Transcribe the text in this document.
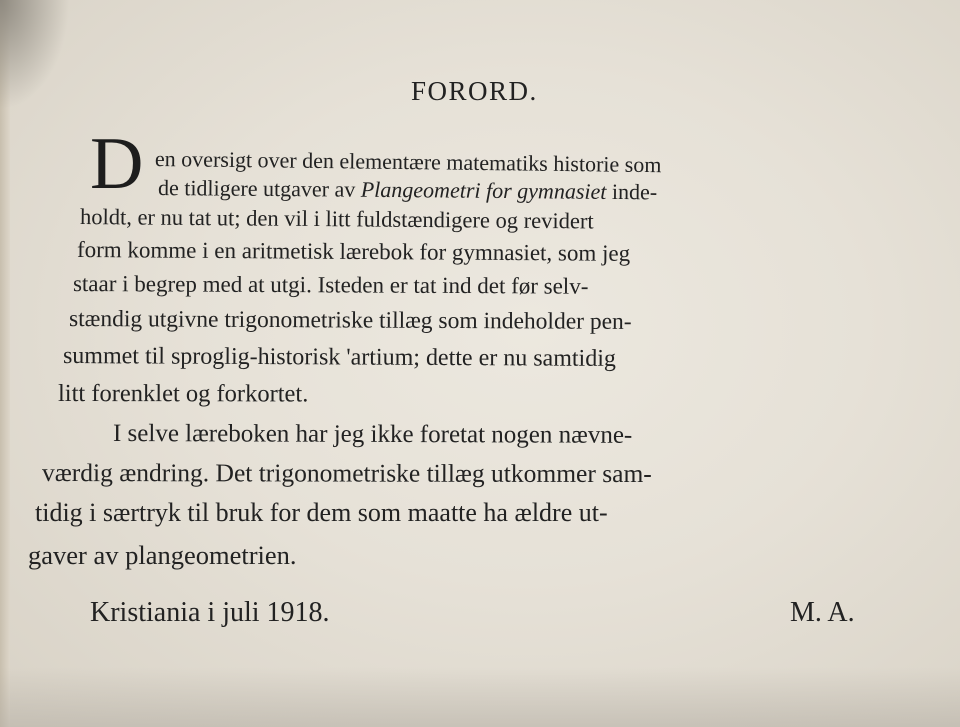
FORORD.
D en oversigt over den elementære matematiks historie som
de tidligere utgaver av Plangeometri for gymnasiet inde-
holdt, er nu tat ut; den vil i litt fuldstændigere og revidert
form komme i en aritmetisk lærebok for gymnasiet, som jeg
staar i begrep med at utgi. Isteden er tat ind det før selv-
stændig utgivne trigonometriske tillæg som indeholder pen-
summet til sproglig-historisk 'artium; dette er nu samtidig
litt forenklet og forkortet.
I selve læreboken har jeg ikke foretat nogen nævne-
værdig ændring. Det trigonometriske tillæg utkommer sam-
tidig i særtryk til bruk for dem som maatte ha ældre ut-
gaver av plangeometrien.
Kristiania i juli 1918.	M. A.
